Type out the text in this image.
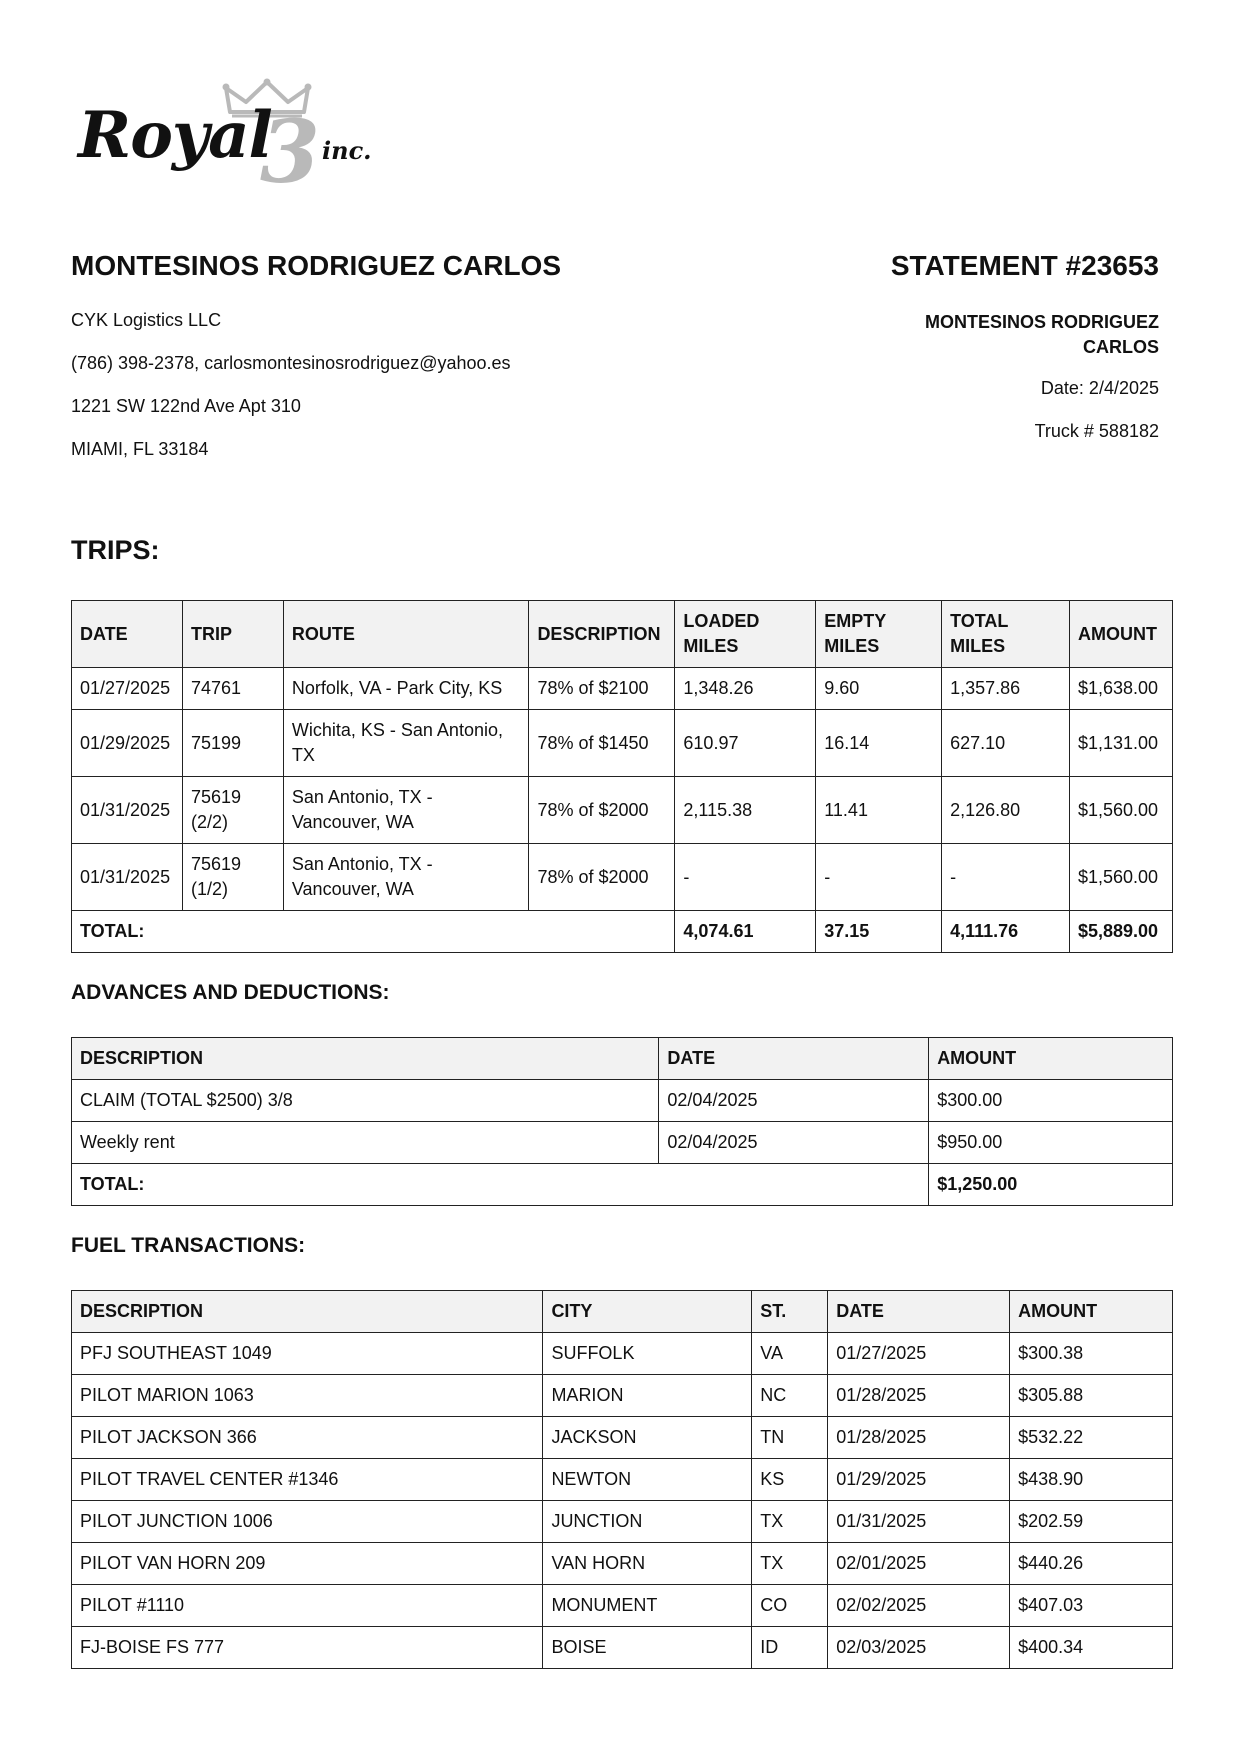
3
Royal inc.
MONTESINOS RODRIGUEZ CARLOS	STATEMENT #23653
CYK Logistics LLC
(786) 398-2378, carlosmontesinosrodriguez@yahoo.es
1221 SW 122nd Ave Apt 310
MIAMI, FL 33184
MONTESINOS RODRIGUEZ
CARLOS
Date: 2/4/2025
Truck # 588182
TRIPS:
DATE	TRIP	ROUTE	DESCRIPTION	LOADED MILES	EMPTY MILES	TOTAL MILES	AMOUNT
01/27/2025	74761	Norfolk, VA - Park City, KS	78% of $2100	1,348.26	9.60	1,357.86	$1,638.00
01/29/2025	75199	Wichita, KS - San Antonio, TX	78% of $1450	610.97	16.14	627.10	$1,131.00
01/31/2025	75619 (2/2)	San Antonio, TX - Vancouver, WA	78% of $2000	2,115.38	11.41	2,126.80	$1,560.00
01/31/2025	75619 (1/2)	San Antonio, TX - Vancouver, WA	78% of $2000	-	-	-	$1,560.00
TOTAL:				4,074.61	37.15	4,111.76	$5,889.00
ADVANCES AND DEDUCTIONS:
DESCRIPTION	DATE	AMOUNT
CLAIM (TOTAL $2500) 3/8	02/04/2025	$300.00
Weekly rent	02/04/2025	$950.00
TOTAL:		$1,250.00
FUEL TRANSACTIONS:
DESCRIPTION	CITY	ST.	DATE	AMOUNT
PFJ SOUTHEAST 1049	SUFFOLK	VA	01/27/2025	$300.38
PILOT MARION 1063	MARION	NC	01/28/2025	$305.88
PILOT JACKSON 366	JACKSON	TN	01/28/2025	$532.22
PILOT TRAVEL CENTER #1346	NEWTON	KS	01/29/2025	$438.90
PILOT JUNCTION 1006	JUNCTION	TX	01/31/2025	$202.59
PILOT VAN HORN 209	VAN HORN	TX	02/01/2025	$440.26
PILOT #1110	MONUMENT	CO	02/02/2025	$407.03
FJ-BOISE FS 777	BOISE	ID	02/03/2025	$400.34
